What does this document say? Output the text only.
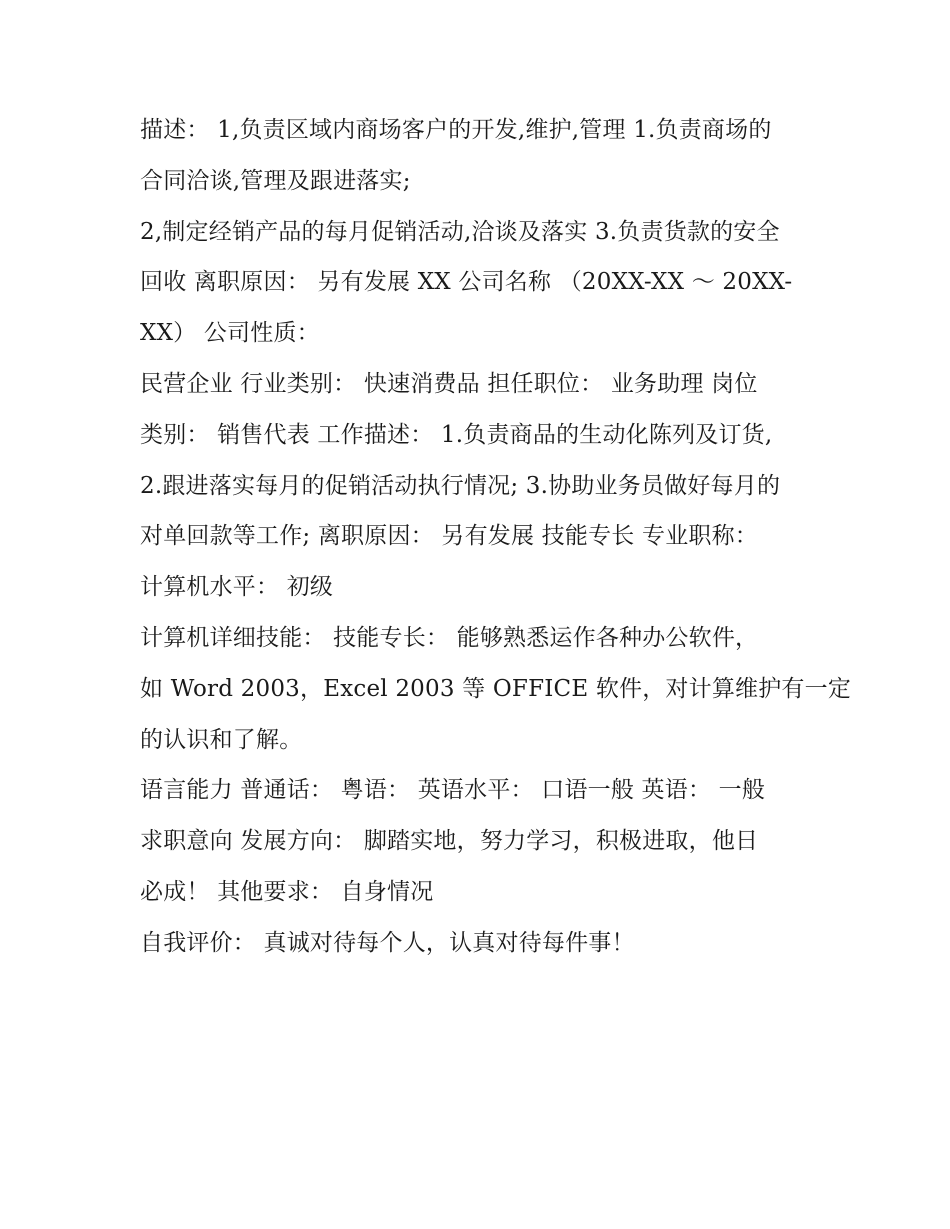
描述： 1,负责区域内商场客户的开发,维护,管理 1.负责商场的
合同洽谈,管理及跟进落实;
2,制定经销产品的每月促销活动,洽谈及落实 3.负责货款的安全
回收 离职原因： 另有发展 XX 公司名称 （20XX-XX ～ 20XX-
XX） 公司性质：
民营企业 行业类别： 快速消费品 担任职位： 业务助理 岗位
类别： 销售代表 工作描述： 1.负责商品的生动化陈列及订货,
2.跟进落实每月的促销活动执行情况; 3.协助业务员做好每月的
对单回款等工作; 离职原因： 另有发展 技能专长 专业职称：
计算机水平： 初级
计算机详细技能： 技能专长： 能够熟悉运作各种办公软件，
如 Word 2003，Excel 2003 等 OFFICE 软件，对计算维护有一定
的认识和了解。
语言能力 普通话： 粤语： 英语水平： 口语一般 英语： 一般
求职意向 发展方向： 脚踏实地，努力学习，积极进取，他日
必成！ 其他要求： 自身情况
自我评价： 真诚对待每个人，认真对待每件事！
